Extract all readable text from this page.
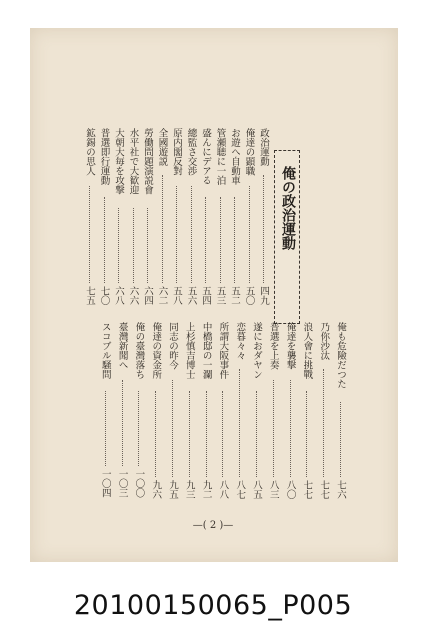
俺の政治運動
政治運動
四九
俺達の顕職
五〇
お遊へ自動車
五二
管瀬聴に一泊
五三
盛んにデアる
五四
總監さ交渉
五六
原内閣反對
五八
全國遊説
六二
勞働問題演説會
六四
水平社で大歓迎
六六
大朝大毎を攻撃
六八
普選即行運動
七〇
鉱錫の思人
七五
俺も危險だつた
七六
乃你沙汰
七七
浪人會に挑戰
七七
俺達を襲撃
八〇
普選を上奏
八三
遂におダヤン
八五
恋暮々々
八七
所謂大阪事件
八八
中橋邸の一瀾
九二
上杉慎吉博士
九三
同志の昨今
九五
俺達の資金所
九六
俺の臺灣落ち
一〇〇
臺灣新聞へ
一〇三
スコブル騒問
一〇四
—( 2 )—
20100150065_P005
